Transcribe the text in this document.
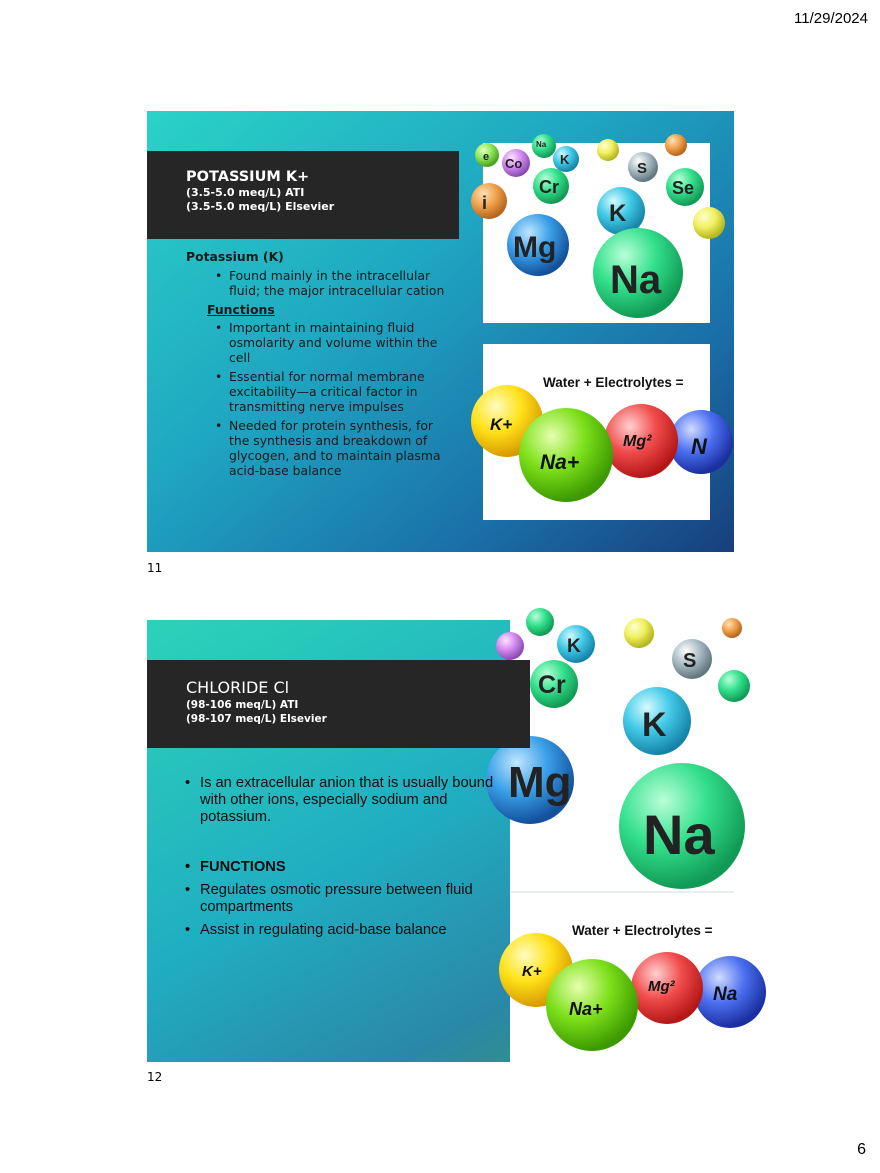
11/29/2024
POTASSIUM K+
(3.5-5.0 meq/L) ATI
(3.5-5.0 meq/L) Elsevier
Potassium (K)
• Found mainly in the intracellular fluid; the major intracellular cation
Functions
• Important in maintaining fluid osmolarity and volume within the cell
• Essential for normal membrane excitability—a critical factor in transmitting nerve impulses
• Needed for protein synthesis, for the synthesis and breakdown of glycogen, and to maintain plasma acid-base balance
e Co
Na
K
Cr
S
Se
i	K
Mg
Na
Water + Electrolytes =
K+
N
Mg²
Na+
11
K
S
Cr
K
Mg
Na
Water + Electrolytes =
K+
Na
Mg²
Na+
CHLORIDE Cl
(98-106 meq/L) ATI
(98-107 meq/L) Elsevier
• Is an extracellular anion that is usually bound with other ions, especially sodium and potassium.
• FUNCTIONS
• Regulates osmotic pressure between fluid compartments
• Assist in regulating acid-base balance
12
6
